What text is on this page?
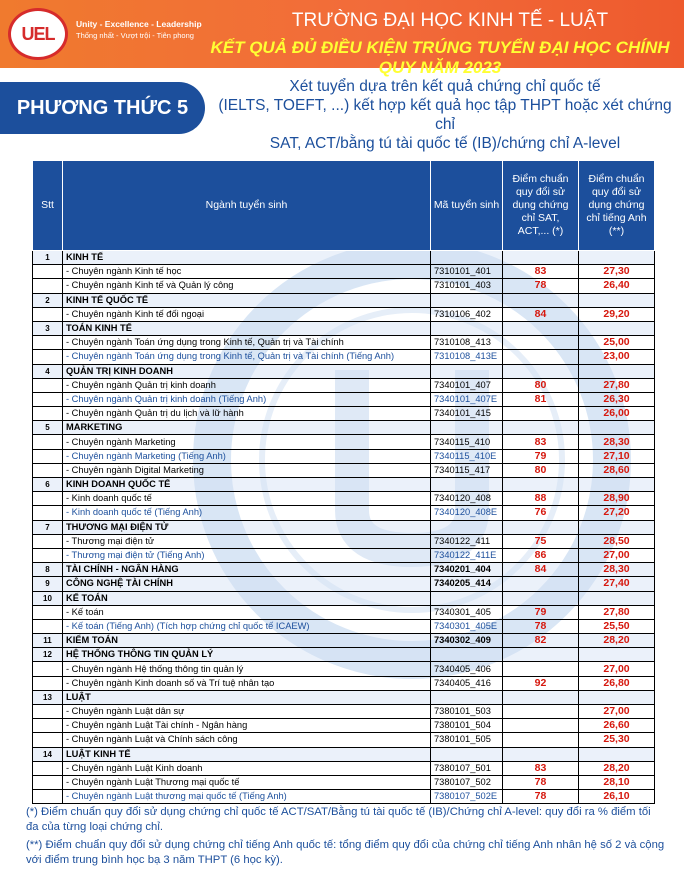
UEL	Unity - Excellence - Leadership
Thống nhất - Vượt trội - Tiên phong
TRƯỜNG ĐẠI HỌC KINH TẾ - LUẬT
KẾT QUẢ ĐỦ ĐIỀU KIỆN TRÚNG TUYỂN ĐẠI HỌC CHÍNH QUY NĂM 2023
PHƯƠNG THỨC 5
Xét tuyển dựa trên kết quả chứng chỉ quốc tế
(IELTS, TOEFT, ...) kết hợp kết quả học tập THPT hoặc xét chứng chỉ
SAT, ACT/bằng tú tài quốc tế (IB)/chứng chỉ A-level
Stt	Ngành tuyển sinh	Mã tuyển sinh	Điểm chuẩn quy đổi sử dụng chứng chỉ SAT, ACT,... (*)	Điểm chuẩn quy đổi sử dụng chứng chỉ tiếng Anh (**)
1	KINH TẾ			
	- Chuyên ngành Kinh tế học	7310101_401	83	27,30
	- Chuyên ngành Kinh tế và Quản lý công	7310101_403	78	26,40
2	KINH TẾ QUỐC TẾ			
	- Chuyên ngành Kinh tế đối ngoại	7310106_402	84	29,20
3	TOÁN KINH TẾ			
	- Chuyên ngành Toán ứng dụng trong Kinh tế, Quản trị và Tài chính	7310108_413		25,00
	- Chuyên ngành Toán ứng dụng trong Kinh tế, Quản trị và Tài chính (Tiếng Anh)	7310108_413E		23,00
4	QUẢN TRỊ KINH DOANH			
	- Chuyên ngành Quản trị kinh doanh	7340101_407	80	27,80
	- Chuyên ngành Quản trị kinh doanh (Tiếng Anh)	7340101_407E	81	26,30
	- Chuyên ngành Quản trị du lịch và lữ hành	7340101_415		26,00
5	MARKETING			
	- Chuyên ngành Marketing	7340115_410	83	28,30
	- Chuyên ngành Marketing (Tiếng Anh)	7340115_410E	79	27,10
	- Chuyên ngành Digital Marketing	7340115_417	80	28,60
6	KINH DOANH QUỐC TẾ			
	- Kinh doanh quốc tế	7340120_408	88	28,90
	- Kinh doanh quốc tế (Tiếng Anh)	7340120_408E	76	27,20
7	THƯƠNG MẠI ĐIỆN TỬ			
	- Thương mại điện tử	7340122_411	75	28,50
	- Thương mại điện tử (Tiếng Anh)	7340122_411E	86	27,00
8	TÀI CHÍNH - NGÂN HÀNG	7340201_404	84	28,30
9	CÔNG NGHỆ TÀI CHÍNH	7340205_414		27,40
10	KẾ TOÁN			
	- Kế toán	7340301_405	79	27,80
	- Kế toán (Tiếng Anh) (Tích hợp chứng chỉ quốc tế ICAEW)	7340301_405E	78	25,50
11	KIỂM TOÁN	7340302_409	82	28,20
12	HỆ THỐNG THÔNG TIN QUẢN LÝ			
	- Chuyên ngành Hệ thống thông tin quản lý	7340405_406		27,00
	- Chuyên ngành Kinh doanh số và Trí tuệ nhân tạo	7340405_416	92	26,80
13	LUẬT			
	- Chuyên ngành Luật dân sự	7380101_503		27,00
	- Chuyên ngành Luật Tài chính - Ngân hàng	7380101_504		26,60
	- Chuyên ngành Luật và Chính sách công	7380101_505		25,30
14	LUẬT KINH TẾ			
	- Chuyên ngành Luật Kinh doanh	7380107_501	83	28,20
	- Chuyên ngành Luật Thương mại quốc tế	7380107_502	78	28,10
	- Chuyên ngành Luật thương mại quốc tế (Tiếng Anh)	7380107_502E	78	26,10
(*) Điểm chuẩn quy đổi sử dụng chứng chỉ quốc tế ACT/SAT/Bằng tú tài quốc tế (IB)/Chứng chỉ A-level: quy đổi ra % điểm tối đa của từng loại chứng chỉ.
(**) Điểm chuẩn quy đổi sử dụng chứng chỉ tiếng Anh quốc tế: tổng điểm quy đổi của chứng chỉ tiếng Anh nhân hệ số 2 và cộng với điểm trung bình học bạ 3 năm THPT (6 học kỳ).
